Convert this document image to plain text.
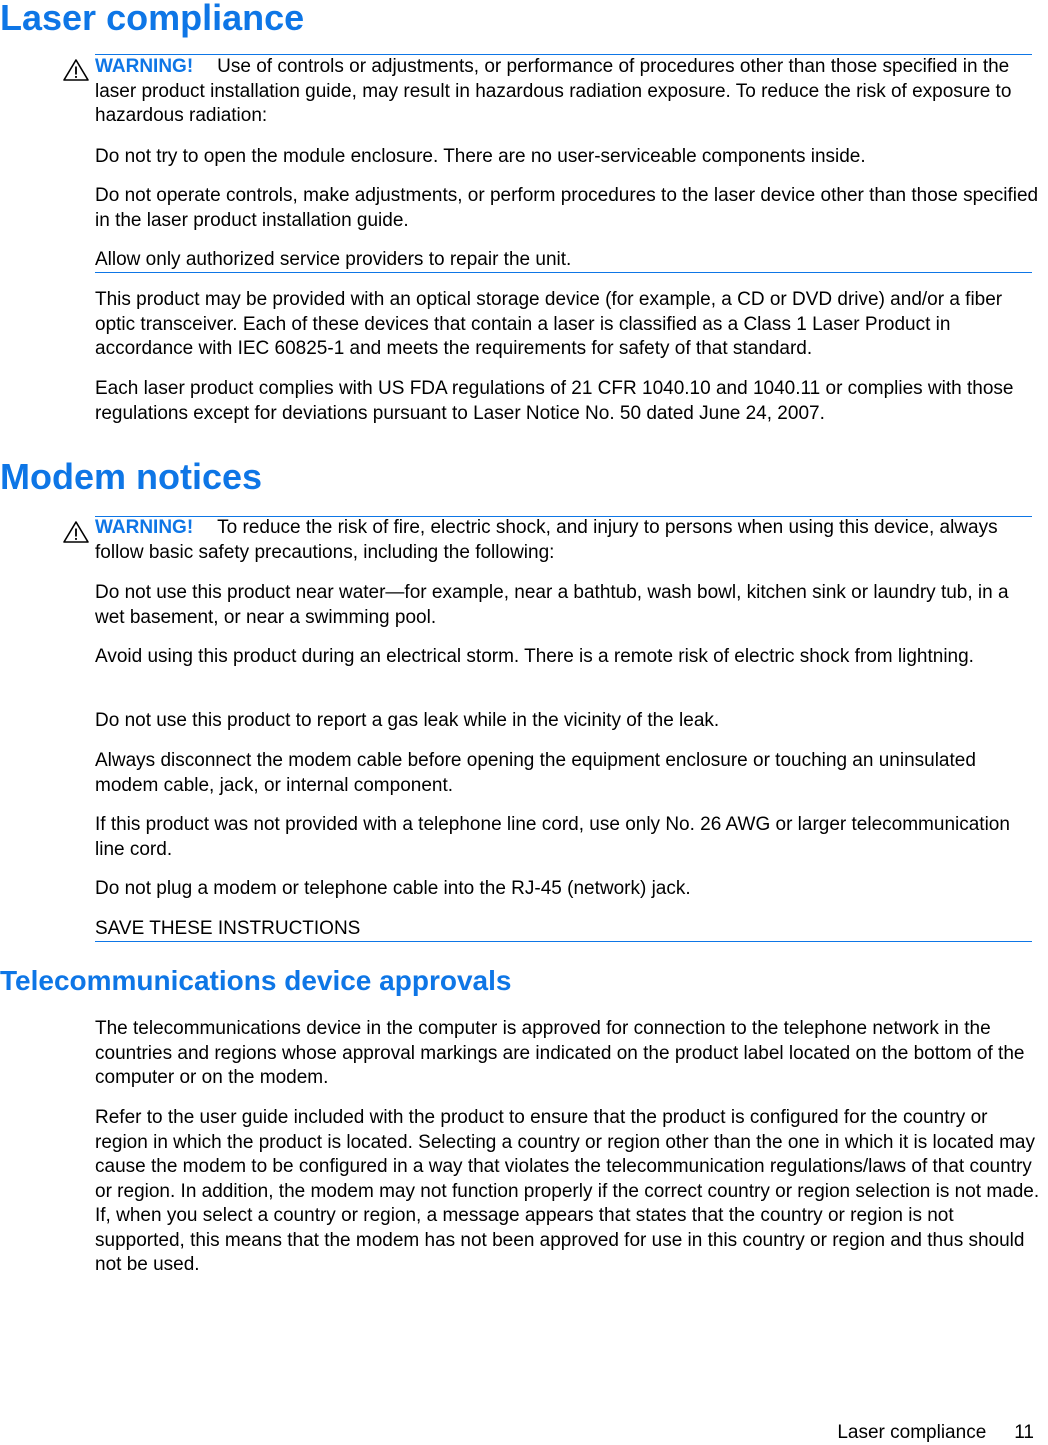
Laser compliance

WARNING! Use of controls or adjustments, or performance of procedures other than those specified in the laser product installation guide, may result in hazardous radiation exposure. To reduce the risk of exposure to hazardous radiation:

Do not try to open the module enclosure. There are no user-serviceable components inside.

Do not operate controls, make adjustments, or perform procedures to the laser device other than those specified in the laser product installation guide.

Allow only authorized service providers to repair the unit.

This product may be provided with an optical storage device (for example, a CD or DVD drive) and/or a fiber optic transceiver. Each of these devices that contain a laser is classified as a Class 1 Laser Product in accordance with IEC 60825-1 and meets the requirements for safety of that standard.

Each laser product complies with US FDA regulations of 21 CFR 1040.10 and 1040.11 or complies with those regulations except for deviations pursuant to Laser Notice No. 50 dated June 24, 2007.

Modem notices

WARNING! To reduce the risk of fire, electric shock, and injury to persons when using this device, always follow basic safety precautions, including the following:

Do not use this product near water—for example, near a bathtub, wash bowl, kitchen sink or laundry tub, in a wet basement, or near a swimming pool.

Avoid using this product during an electrical storm. There is a remote risk of electric shock from lightning.

Do not use this product to report a gas leak while in the vicinity of the leak.

Always disconnect the modem cable before opening the equipment enclosure or touching an uninsulated modem cable, jack, or internal component.

If this product was not provided with a telephone line cord, use only No. 26 AWG or larger telecommunication line cord.

Do not plug a modem or telephone cable into the RJ-45 (network) jack.

SAVE THESE INSTRUCTIONS

Telecommunications device approvals

The telecommunications device in the computer is approved for connection to the telephone network in the countries and regions whose approval markings are indicated on the product label located on the bottom of the computer or on the modem.

Refer to the user guide included with the product to ensure that the product is configured for the country or region in which the product is located. Selecting a country or region other than the one in which it is located may cause the modem to be configured in a way that violates the telecommunication regulations/laws of that country or region. In addition, the modem may not function properly if the correct country or region selection is not made. If, when you select a country or region, a message appears that states that the country or region is not supported, this means that the modem has not been approved for use in this country or region and thus should not be used.

Laser compliance 11
